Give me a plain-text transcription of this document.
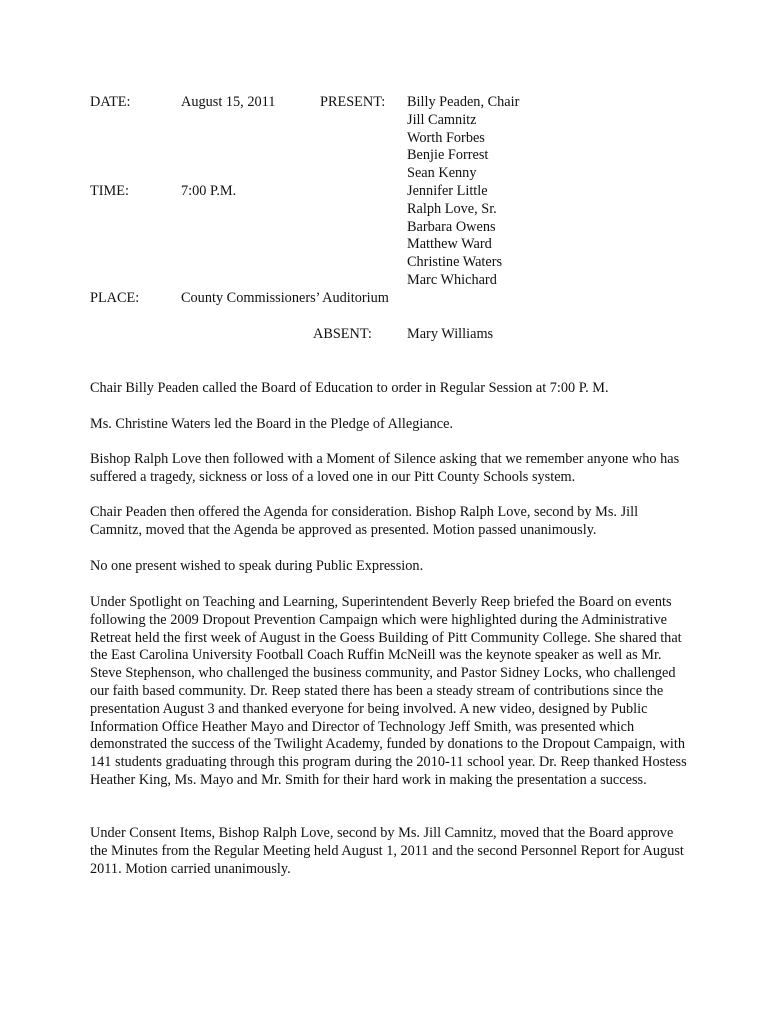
DATE:	August 15, 2011	PRESENT: Billy Peaden, Chair
Jill Camnitz
Worth Forbes
Benjie Forrest
Sean Kenny
Jennifer Little
Ralph Love, Sr.
Barbara Owens
Matthew Ward
Christine Waters
Marc Whichard
TIME:	7:00 P.M.
PLACE:	County Commissioners’ Auditorium
ABSENT: Mary Williams

Chair Billy Peaden called the Board of Education to order in Regular Session at 7:00 P. M.

Ms. Christine Waters led the Board in the Pledge of Allegiance.

Bishop Ralph Love then followed with a Moment of Silence asking that we remember anyone who has suffered a tragedy, sickness or loss of a loved one in our Pitt County Schools system.

Chair Peaden then offered the Agenda for consideration. Bishop Ralph Love, second by Ms. Jill Camnitz, moved that the Agenda be approved as presented. Motion passed unanimously.

No one present wished to speak during Public Expression.

Under Spotlight on Teaching and Learning, Superintendent Beverly Reep briefed the Board on events following the 2009 Dropout Prevention Campaign which were highlighted during the Administrative Retreat held the first week of August in the Goess Building of Pitt Community College. She shared that the East Carolina University Football Coach Ruffin McNeill was the keynote speaker as well as Mr. Steve Stephenson, who challenged the business community, and Pastor Sidney Locks, who challenged our faith based community. Dr. Reep stated there has been a steady stream of contributions since the presentation August 3 and thanked everyone for being involved. A new video, designed by Public Information Office Heather Mayo and Director of Technology Jeff Smith, was presented which demonstrated the success of the Twilight Academy, funded by donations to the Dropout Campaign, with 141 students graduating through this program during the 2010-11 school year. Dr. Reep thanked Hostess Heather King, Ms. Mayo and Mr. Smith for their hard work in making the presentation a success.

Under Consent Items, Bishop Ralph Love, second by Ms. Jill Camnitz, moved that the Board approve the Minutes from the Regular Meeting held August 1, 2011 and the second Personnel Report for August 2011. Motion carried unanimously.
